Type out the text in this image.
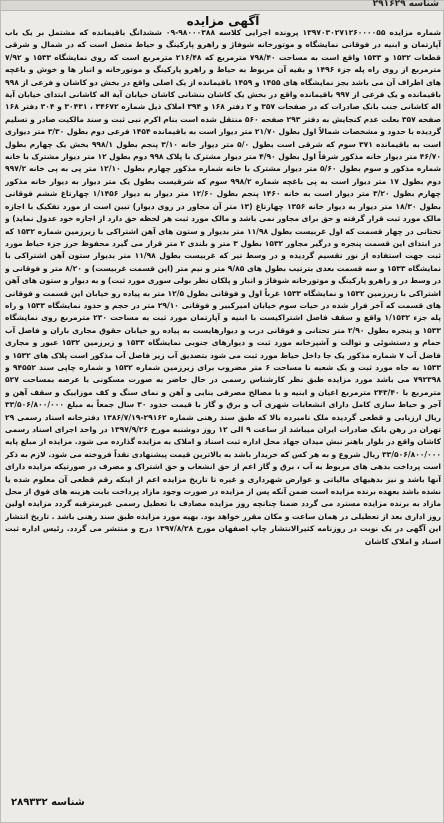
شناسه ۲۹۱۶۲۹
آگهی مزایده
شماره مزایده ۱۳۹۷۰۳۰۲۷۱۲۶۰۰۰۰۵۵ پرونده اجرایی کلاسه ۹۸۰۰۰۳۸۸-۰۹ ششدانگ باقیمانده که مشتمل بر یک باب آپارتمان و ابنیه در فوقانی نمایشگاه و موتورخانه شوفاژ و راهرو پارکینگ و حیاط متصل است که در شمال و شرقی قطعات ۱۵۳۲ و ۱۵۳۳ واقع است به مساحت ۷۹۸/۴۰ مترمربع که ۲۱۶/۴۸ مترمربع است که روی نمایشگاه ۱۵۳۳ و ۷/۹۲ مترمربع از روی راه پله جزء ۱۴۹۶ و بقیه آن مربوط به حیاط و راهرو پارکینگ و موتورخانه و انبار ها و خوش و باغچه های اطراف آن می باشد بجز نمایشگاه های ۱۴۵۵ و ۱۴۵۹ باقیمانده از یک اصلی واقع در بخش دو کاشان و فرعی از ۹۹۸ باقیمانده و یک فرعی از ۹۹۷ باقیمانده واقع در بخش یک کاشان بنشانی کاشان خیابان آیة اله کاشانی ابتدای خیابان آیة اله کاشانی جنب بانک صادرات که در صفحات ۳۵۷ و ۲ دفتر ۱۶۸ و ۳۹۴ املاک ذیل شماره ۳۴۶۷۲ ، ۳۰۴۳۱ و ۳۰۴ دفتر ۱۶۸ صفحه ۳۵۷ بعلت عدم کنجایش به دفتر ۲۹۳ صفحه ۵۶۰ منتقل شده است بنام اکرم نبی ثبت و سند مالکیت صادر و تسلیم گردیده با حدود و مشخصات شمالاً اول بطول ۲۱/۷۰ متر دیوار است به باقیمانده ۱۴۵۴ فرعی دوم بطول ۳/۳۰ متر دیواری است به باقیمانده ۳۷۱ سوم که شرقی است بطول ۵/۰ متر دیوار خانه ۳/۱۰ پنجم بطول ۹۹۸/۱ بخش یک چهارم بطول ۴۶/۷۰ متر دیوار خانه مذکور شرقاً اول بطول ۴/۹۰ متر دیوار مشترک با پلاک ۹۹۸ دوم بطول ۱۲ متر دیوار مشترک با خانه شماره مذکور و سوم بطول ۵/۶۰ متر دیوار مشترک با خانه شماره مذکور چهارم بطول ۱۲/۱۰ متر پی به پی خانه ۹۹۷/۲ دوم بطول ۱۷ متر دیوار است به پی باغچه شماره ۹۹۸/۲ سوم که شرقیست بطول یک متر دیوار به دیوار خانه مذکور چهارم بطول ۳/۲۰ متر دیوار است به خانه ۱۴۶۰ پنجم بطول ۱۲/۶۰ متر دیوار به دیوار ۱/۱۴۵۶ چهارتاغ ششم فوقانی بطول ۱۸/۳۰ متر دیوار به دیوار خانه ۱۳۵۶ چهارتاغ (۱۳ متر آن مجاور در روی دیوار) تبین است از مورد تفکیک با اجازه مالک مورد ثبت قرار گرفته و حق برای مجاور نمی باشد و مالک مورد ثبت هر لحظه حق دارد از اجازه خود عدول نماید) و تحتانی در چهار قسمت که اول غربیست بطول ۱۱/۹۸ متر بدیوار و ستون های آهن اشتراکی با زیرزمین شماره ۱۵۳۲ که در ابتدای این قسمت پنجره و درگیر مجاور ۱۵۳۲ بطول ۳ متر و بلندی ۲ متر قرار می گیرد محفوظ حرز جزء حیاط مورد ثبت جهت استفاده از نور تقسیم گردیده و در وسط تیر که غربیست بطول ۱۱/۹۸ متر بدیوار ستون آهن اشتراکی با نمایشگاه ۱۵۳۳ و سه قسمت بعدی بترتیب بطول های ۹/۸۵ متر و نیم متر (این قسمت غربیست) و ۸/۲۰ متر و فوقانی و در وسط در و راهرو پارکینگ و موتورخانه شوفاژ و انبار و پلکان نظر بولی سوری مورد ثبت) و به دیوار و ستون های آهن اشتراکی با زیرزمین ۱۵۳۲ و نمایشگاه ۱۵۳۳ غرباً اول و فوقانی بطول ۱۲/۵ متر به پیاده رو خیابان این قسمت و فوقانی های قسمت که آخر فرار شده در حیات سوم خیابان امیرکبیر و فوقانی ۲۹/۱۰ متر در حجم و حدود نمایشگاه ۱۵۳۳ و راه پله جزء ۱/۱۵۳۲ واقع و سقف فاصل اشتراکیست با ابنیه و آپارتمان مورد ثبت به مساحت ۲۳۰ مترمربع روی نمایشگاه ۱۵۳۳ و پنجره بطول ۲/۹۰ متر تحتانی و فوقانی درب و دیوارهایست به پیاده رو خیابان حقوق مجاری باران و فاصل آب حمام و دستشوئی و توالت و آشپزخانه مورد ثبت و دیوارهای جنوبی نمایشگاه ۱۵۳۳ و زیرزمین ۱۵۳۲ عبور و مجاری فاضل آب ۷ شماره مذکور یک جا داخل حیاط مورد ثبت می شود بتصدیق آب زیر فاصل آب مذکور است پلاک های ۱۵۳۲ و ۱۵۳۳ به جاه مورد ثبت و یک شعبه نا مساحت ۶ متر مضروب برای زیرزمین شماره ۱۵۳۲ و شماره چاپی سند ۹۴۵۵۲ و ۷۹۲۳۹۸ می باشد مورد مزایده طبق نظر کارشناس رسمی در حال حاضر به صورت مسکونی با عرصه بمساحت ۵۲۷ مترمربع با ۲۴۳/۴۰ مترمربع اعیان و ابنیه و با مصالح مصرفی بنایی و آهن و نمای سنگ و کف موزاییک و سقف آهن و آجر و حیاط سازی کامل دارای انشعابات شهری آب و برق و گاز با قیمت حدود ۳۰ سال جمعاً به مبلغ ۳۳/۵۰۶/۸۰۰/۰۰۰ ریال ارزیابی و قطعی گردیده ملک نامبرده بالا که طبق سند رهنی شماره ۲۹۱۶۲-۱۳۸۶/۷/۱۹ دفترخانه اسناد رسمی ۲۹ تهران در رهن بانک صادرات ایران میباشد از ساعت ۹ الی ۱۲ روز دوشنبه مورخ ۱۳۹۷/۹/۲۶ در واحد اجرای اسناد رسمی کاشان واقع در بلوار باهنر نبش میدان جهاد محل اداره ثبت اسناد و املاک به مزایده گذارده می شود. مزایده از مبلغ پایه ۳۳/۵۰۶/۸۰۰/۰۰۰ ریال شروع و به هر کس که خریدار باشد به بالاترین قیمت پیشنهادی نقداً فروخته می شود. لازم به ذکر است پرداخت بدهی های مربوط به آب ، برق و گاز اعم از حق انشعاب و حق اشتراک و مصرف در صورتیکه مزایده دارای آنها باشد و نیز بدهیهای مالیاتی و عوارض شهرداری و غیره تا تاریخ مزایده اعم از اینکه رقم قطعی آن معلوم شده یا نشده باشد بعهده برنده مزایده است ضمن آنکه پس از مزایده در صورت وجود مازاد پرداخت بابت هزینه های فوق از محل مازاد به برنده مزایده مسترد می گردد ضمنا چنانچه روز مزایده مصادف با تعطیل رسمی غیرمترقبه گردد مزایده اولین روز اداری بعد از تعطیلی در همان ساعت و مکان مقرر خواهد بود. بهیه مورد مزایده طبق سند رهنی باشد . تاریخ انتشار این آگهی در یک نوبت در روزنامه کثیرالانتشار چاپ اصفهان مورخ ۱۳۹۷/۸/۲۸ درج و منتشر می گردد. رئیس اداره ثبت اسناد و املاک کاشان
شناسه ۲۸۹۳۳۲
